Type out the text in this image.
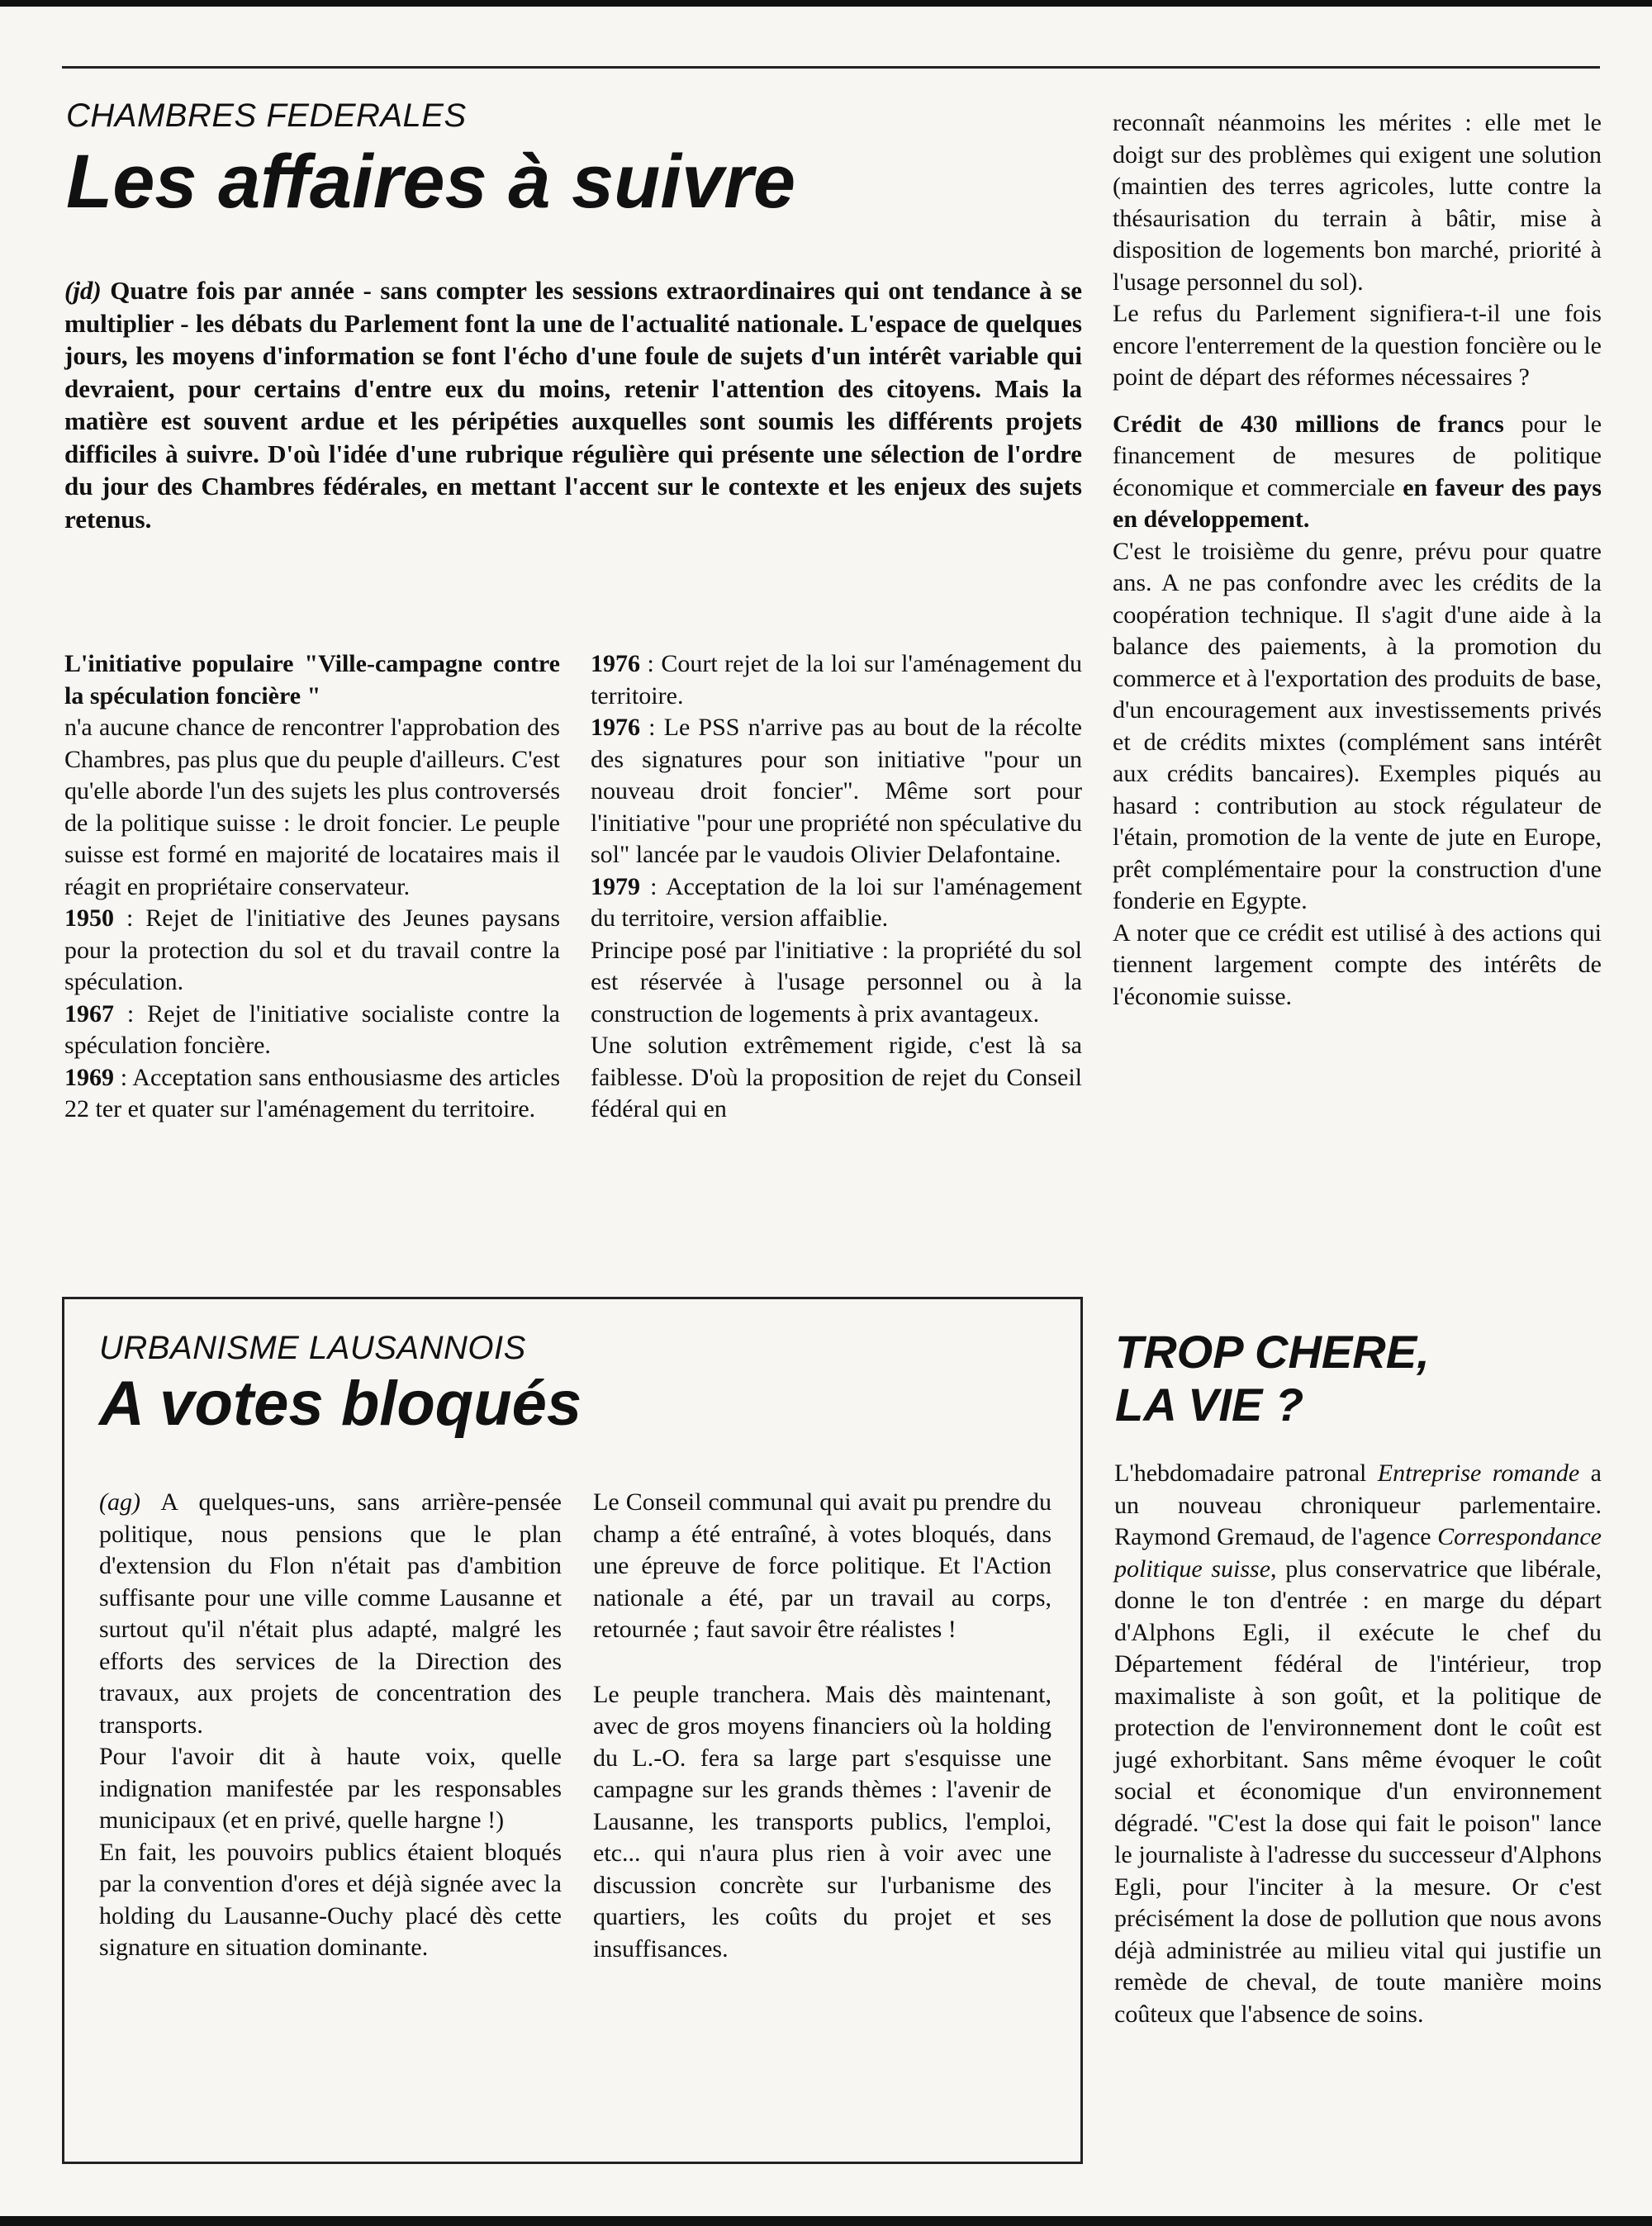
CHAMBRES FEDERALES
Les affaires à suivre
(jd) Quatre fois par année - sans compter les sessions extraordinaires qui ont tendance à se multiplier - les débats du Parlement font la une de l'actualité nationale. L'espace de quelques jours, les moyens d'information se font l'écho d'une foule de sujets d'un intérêt variable qui devraient, pour certains d'entre eux du moins, retenir l'attention des citoyens. Mais la matière est souvent ardue et les péripéties auxquelles sont soumis les différents projets difficiles à suivre. D'où l'idée d'une rubrique régulière qui présente une sélection de l'ordre du jour des Chambres fédérales, en mettant l'accent sur le contexte et les enjeux des sujets retenus.

L'initiative populaire "Ville-campagne contre la spéculation foncière "

n'a aucune chance de rencontrer l'approbation des Chambres, pas plus que du peuple d'ailleurs. C'est qu'elle aborde l'un des sujets les plus controversés de la politique suisse : le droit foncier. Le peuple suisse est formé en majorité de locataires mais il réagit en propriétaire conservateur.

1950 : Rejet de l'initiative des Jeunes paysans pour la protection du sol et du travail contre la spéculation.

1967 : Rejet de l'initiative socialiste contre la spéculation foncière.

1969 : Acceptation sans enthousiasme des articles 22 ter et quater sur l'aménagement du territoire.

1976 : Court rejet de la loi sur l'aménagement du territoire.

1976 : Le PSS n'arrive pas au bout de la récolte des signatures pour son initiative "pour un nouveau droit foncier". Même sort pour l'initiative "pour une propriété non spéculative du sol" lancée par le vaudois Olivier Delafontaine.

1979 : Acceptation de la loi sur l'aménagement du territoire, version affaiblie.

Principe posé par l'initiative : la propriété du sol est réservée à l'usage personnel ou à la construction de logements à prix avantageux.

Une solution extrêmement rigide, c'est là sa faiblesse. D'où la proposition de rejet du Conseil fédéral qui en

reconnaît néanmoins les mérites : elle met le doigt sur des problèmes qui exigent une solution (maintien des terres agricoles, lutte contre la thésaurisation du terrain à bâtir, mise à disposition de logements bon marché, priorité à l'usage personnel du sol).

Le refus du Parlement signifiera-t-il une fois encore l'enterrement de la question foncière ou le point de départ des réformes nécessaires ?

Crédit de 430 millions de francs pour le financement de mesures de politique économique et commerciale en faveur des pays en développement.

C'est le troisième du genre, prévu pour quatre ans. A ne pas confondre avec les crédits de la coopération technique. Il s'agit d'une aide à la balance des paiements, à la promotion du commerce et à l'exportation des produits de base, d'un encouragement aux investissements privés et de crédits mixtes (complément sans intérêt aux crédits bancaires). Exemples piqués au hasard : contribution au stock régulateur de l'étain, promotion de la vente de jute en Europe, prêt complémentaire pour la construction d'une fonderie en Egypte.

A noter que ce crédit est utilisé à des actions qui tiennent largement compte des intérêts de l'économie suisse.

URBANISME LAUSANNOIS
A votes bloqués

(ag) A quelques-uns, sans arrière-pensée politique, nous pensions que le plan d'extension du Flon n'était pas d'ambition suffisante pour une ville comme Lausanne et surtout qu'il n'était plus adapté, malgré les efforts des services de la Direction des travaux, aux projets de concentration des transports.

Pour l'avoir dit à haute voix, quelle indignation manifestée par les responsables municipaux (et en privé, quelle hargne !)

En fait, les pouvoirs publics étaient bloqués par la convention d'ores et déjà signée avec la holding du Lausanne-Ouchy placé dès cette signature en situation dominante.

Le Conseil communal qui avait pu prendre du champ a été entraîné, à votes bloqués, dans une épreuve de force politique. Et l'Action nationale a été, par un travail au corps, retournée ; faut savoir être réalistes !

Le peuple tranchera. Mais dès maintenant, avec de gros moyens financiers où la holding du L.-O. fera sa large part s'esquisse une campagne sur les grands thèmes : l'avenir de Lausanne, les transports publics, l'emploi, etc... qui n'aura plus rien à voir avec une discussion concrète sur l'urbanisme des quartiers, les coûts du projet et ses insuffisances.

TROP CHERE,
LA VIE ?

L'hebdomadaire patronal Entreprise romande a un nouveau chroniqueur parlementaire. Raymond Gremaud, de l'agence Correspondance politique suisse, plus conservatrice que libérale, donne le ton d'entrée : en marge du départ d'Alphons Egli, il exécute le chef du Département fédéral de l'intérieur, trop maximaliste à son goût, et la politique de protection de l'environnement dont le coût est jugé exhorbitant. Sans même évoquer le coût social et économique d'un environnement dégradé. "C'est la dose qui fait le poison" lance le journaliste à l'adresse du successeur d'Alphons Egli, pour l'inciter à la mesure. Or c'est précisément la dose de pollution que nous avons déjà administrée au milieu vital qui justifie un remède de cheval, de toute manière moins coûteux que l'absence de soins.
